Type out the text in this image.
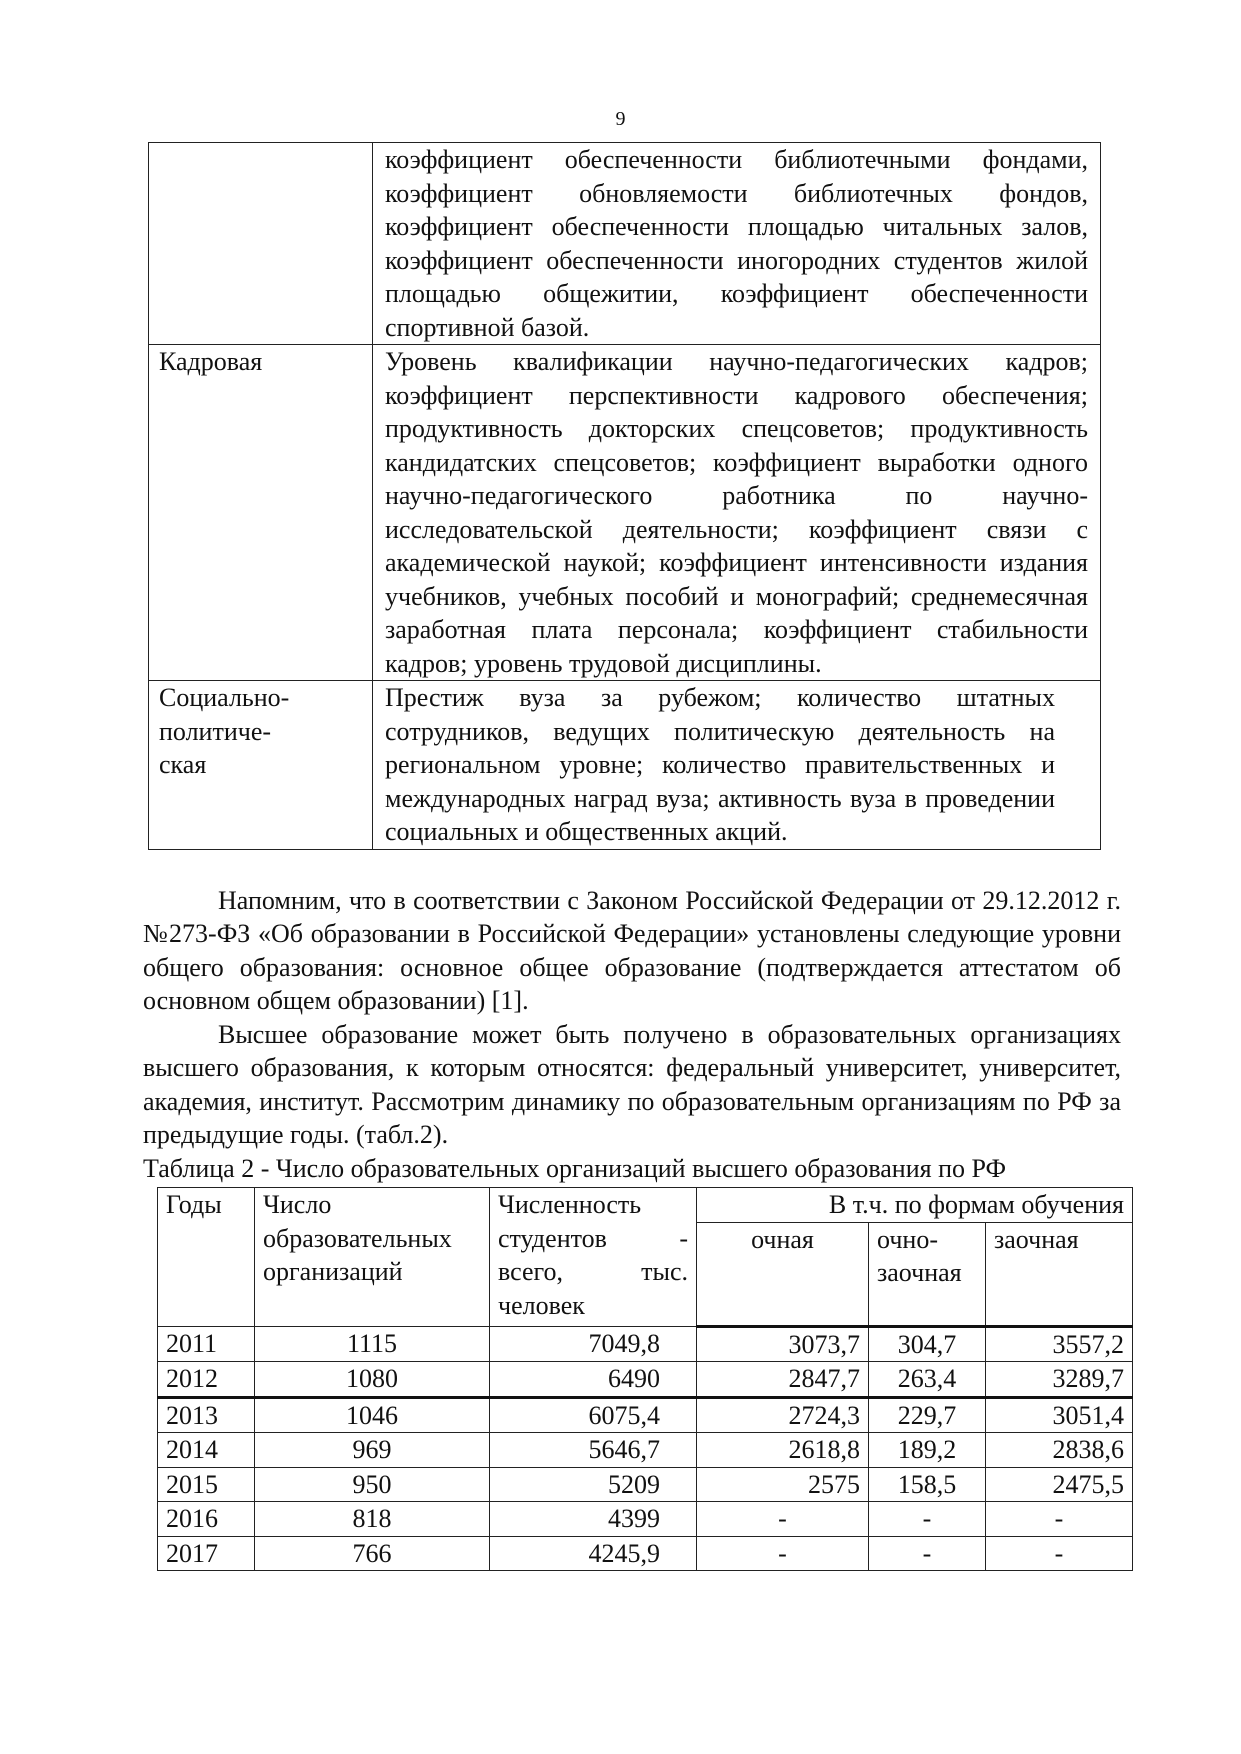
9
	коэффициент обеспеченности библиотечными фондами, коэффициент обновляемости библиотечных фондов, коэффициент обеспеченности площадью читальных залов, коэффициент обеспеченности иногородних студентов жилой площадью общежитии, коэффициент обеспеченности спортивной базой.
Кадровая	Уровень квалификации научно-педагогических кадров; коэффициент перспективности кадрового обеспечения; продуктивность докторских спецсоветов; продуктивность кандидатских спецсоветов; коэффициент выработки одного научно-педагогического работника по научно-исследовательской деятельности; коэффициент связи с академической наукой; коэффициент интенсивности издания учебников, учебных пособий и монографий; среднемесячная заработная плата персонала; коэффициент стабильности кадров; уровень трудовой дисциплины.

Социально-политиче-ская	Престиж вуза за рубежом; количество штатных сотрудников, ведущих политическую деятельность на региональном уровне; количество правительственных и международных наград вуза; активность вуза в проведении социальных и общественных акций.

Напомним, что в соответствии с Законом Российской Федерации от 29.12.2012 г. №273-ФЗ «Об образовании в Российской Федерации» установлены следующие уровни общего образования: основное общее образование (подтверждается аттестатом об основном общем образовании) [1].

Высшее образование может быть получено в образовательных организациях высшего образования, к которым относятся: федеральный университет, университет, академия, институт. Рассмотрим динамику по образовательным организациям по РФ за предыдущие годы. (табл.2).

Таблица 2 - Число образовательных организаций высшего образования по РФ
Годы	Число образовательных организаций	Численность студентов - всего, тыс. человек	В т.ч. по формам обучения		
			очная	очно-заочная	заочная
2011	1115	7049,8	3073,7	304,7	3557,2
2012	1080	6490	2847,7	263,4	3289,7
2013	1046	6075,4	2724,3	229,7	3051,4
2014	969	5646,7	2618,8	189,2	2838,6
2015	950	5209	2575	158,5	2475,5
2016	818	4399	-	-	-
2017	766	4245,9	-	-	-
